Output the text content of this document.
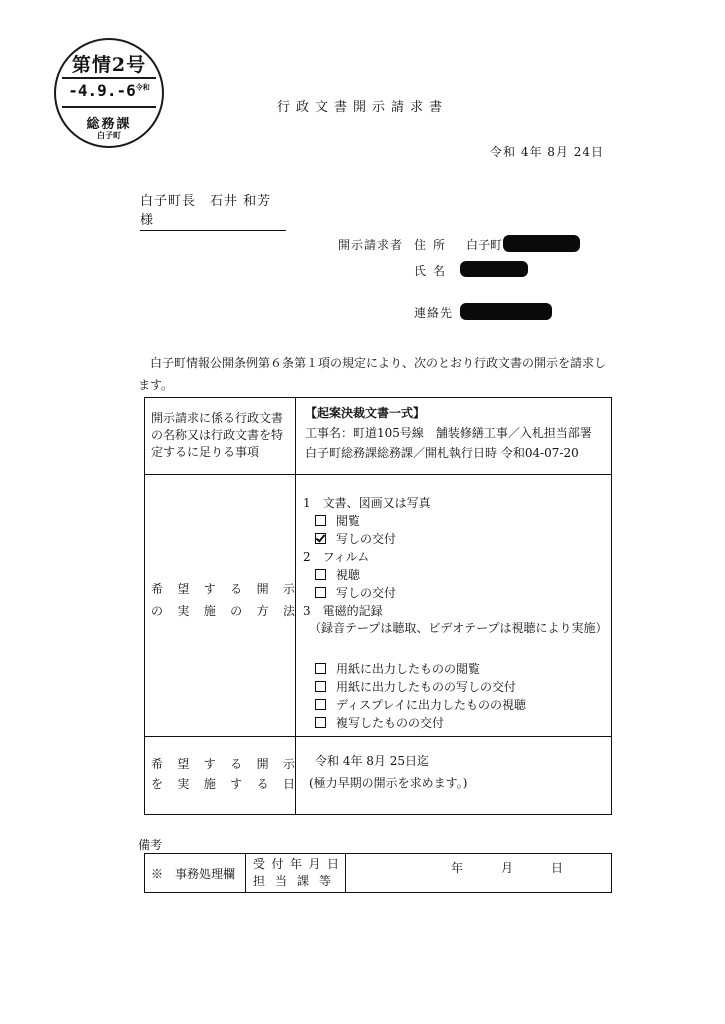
第情2号
$-4.9.-6^{令和}$
総務課
白子町
行政文書開示請求書
令和 4年 8月 24日
白子町長　石井 和芳 様
開示請求者 住所 白子町
氏名
連絡先
白子町情報公開条例第６条第１項の規定により、次のとおり行政文書の開示を請求します。
開示請求に係る行政文書
の名称又は行政文書を特
定するに足りる事項
【起案決裁文書一式】
工事名：町道105号線　舗装修繕工事／入札担当部署
白子町総務課総務課／開札執行日時 令和04-07-20
希 望 す る 開 示
の 実 施 の 方 法
1　文書、図画又は写真
閲覧
写しの交付
2　フィルム
視聴
写しの交付
3　電磁的記録
（録音テープは聴取、ビデオテープは視聴により実施）
用紙に出力したものの閲覧
用紙に出力したものの写しの交付
ディスプレイに出力したものの視聴
複写したものの交付
希 望 す る 開 示
を 実 施 す る 日
令和 4年 8月 25日迄
(極力早期の開示を求めます。)
備考
※　事務処理欄
受 付 年 月 日
担 当 課 等
年	月	日
